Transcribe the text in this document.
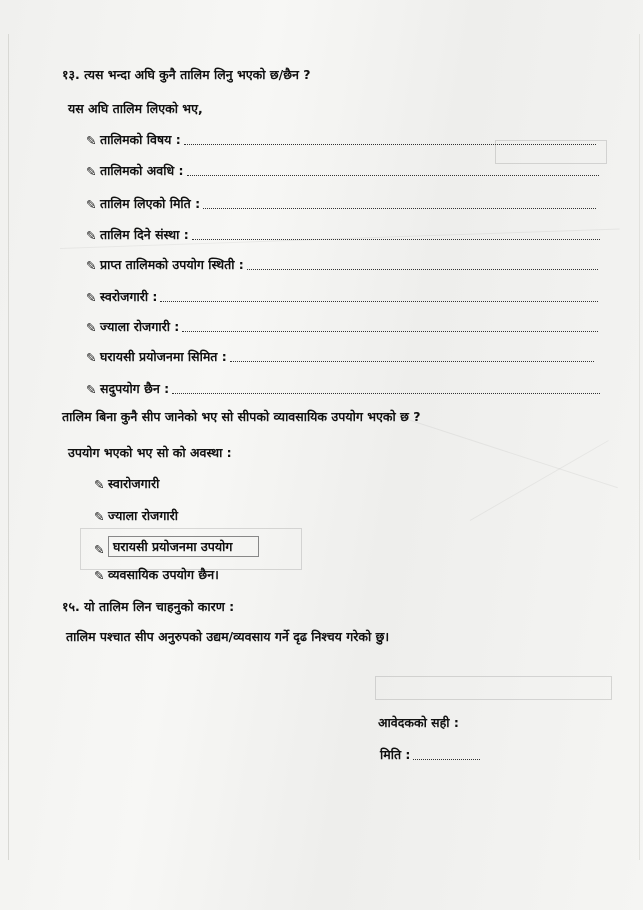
१३. त्यस भन्दा अघि कुनै तालिम लिनु भएको छ/छैन ?
यस अघि तालिम लिएको भए,
✎ तालिमको विषय :
✎ तालिमको अवधि :
✎ तालिम लिएको मिति :
✎ तालिम दिने संस्था :
✎ प्राप्त तालिमको उपयोग स्थिती :
✎ स्वरोजगारी :
✎ ज्याला रोजगारी :
✎ घरायसी प्रयोजनमा सिमित :
✎ सदुपयोग छैन :
तालिम बिना कुनै सीप जानेको भए सो सीपको व्यावसायिक उपयोग भएको छ ?
उपयोग भएको भए सो को अवस्था :
✎ स्वारोजगारी
✎ ज्याला रोजगारी
✎ घरायसी प्रयोजनमा उपयोग
✎ व्यवसायिक उपयोग छैन।
१५. यो तालिम लिन चाहनुको कारण :
तालिम पश्चात सीप अनुरुपको उद्यम/व्यवसाय गर्ने दृढ निश्चय गरेको छु।
आवेदकको सही :
मिति :
